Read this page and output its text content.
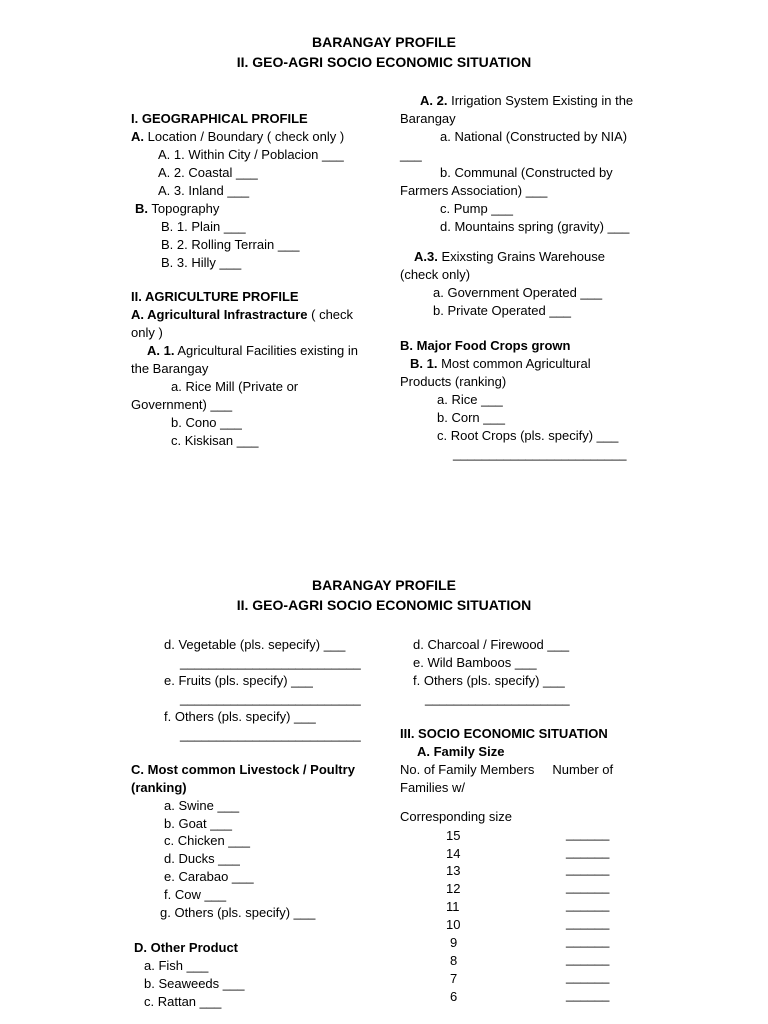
BARANGAY PROFILE
II. GEO-AGRI SOCIO ECONOMIC SITUATION
I. GEOGRAPHICAL PROFILE
A. Location / Boundary ( check only )
A. 1. Within City / Poblacion ___
A. 2. Coastal ___
A. 3. Inland ___
B. Topography
B. 1. Plain ___
B. 2. Rolling Terrain ___
B. 3. Hilly ___
II. AGRICULTURE PROFILE
A. Agricultural Infrastracture ( check
only )
A. 1. Agricultural Facilities existing in
the Barangay
a. Rice Mill (Private or
Government) ___
b. Cono ___
c. Kiskisan ___
A. 2. Irrigation System Existing in the
Barangay
a. National (Constructed by NIA)
___
b. Communal (Constructed by
Farmers Association) ___
c. Pump ___
d. Mountains spring (gravity) ___
A.3. Exixsting Grains Warehouse
(check only)
a. Government Operated ___
b. Private Operated ___
B. Major Food Crops grown
B. 1. Most common Agricultural
Products (ranking)
a. Rice ___
b. Corn ___
c. Root Crops (pls. specify) ___
________________________
BARANGAY PROFILE
II. GEO-AGRI SOCIO ECONOMIC SITUATION
d. Vegetable (pls. sepecify) ___
_________________________
e. Fruits (pls. specify) ___
_________________________
f. Others (pls. specify) ___
_________________________
C. Most common Livestock / Poultry
(ranking)
a. Swine ___
b. Goat ___
c. Chicken ___
d. Ducks ___
e. Carabao ___
f. Cow ___
g. Others (pls. specify) ___
D. Other Product
a. Fish ___
b. Seaweeds ___
c. Rattan ___
d. Charcoal / Firewood ___
e. Wild Bamboos ___
f. Others (pls. specify) ___
____________________
III. SOCIO ECONOMIC SITUATION
A. Family Size
No. of Family Members     Number of
Families w/
Corresponding size
15	______
14	______
13	______
12	______
11	______
10	______
9	______
8	______
7	______
6	______
